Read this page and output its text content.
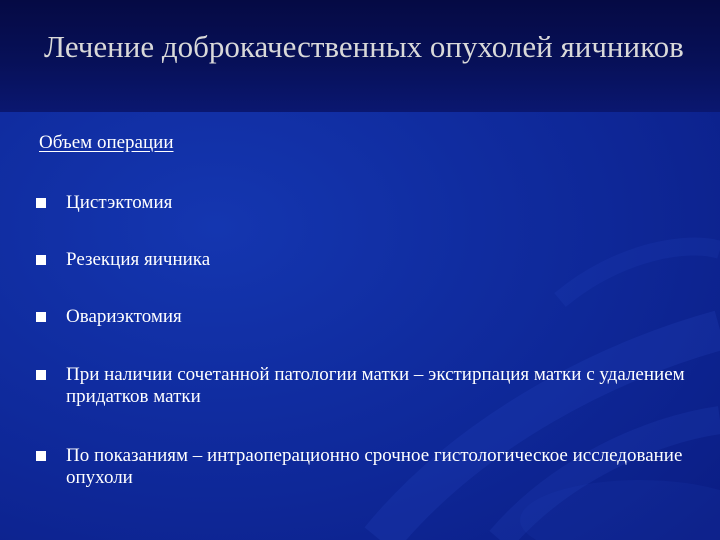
Лечение доброкачественных опухолей яичников
Объем операции
Цистэктомия
Резекция яичника
Овариэктомия
При наличии сочетанной патологии матки – экстирпация матки с удалением придатков матки
По показаниям – интраоперационно срочное гистологическое исследование опухоли
